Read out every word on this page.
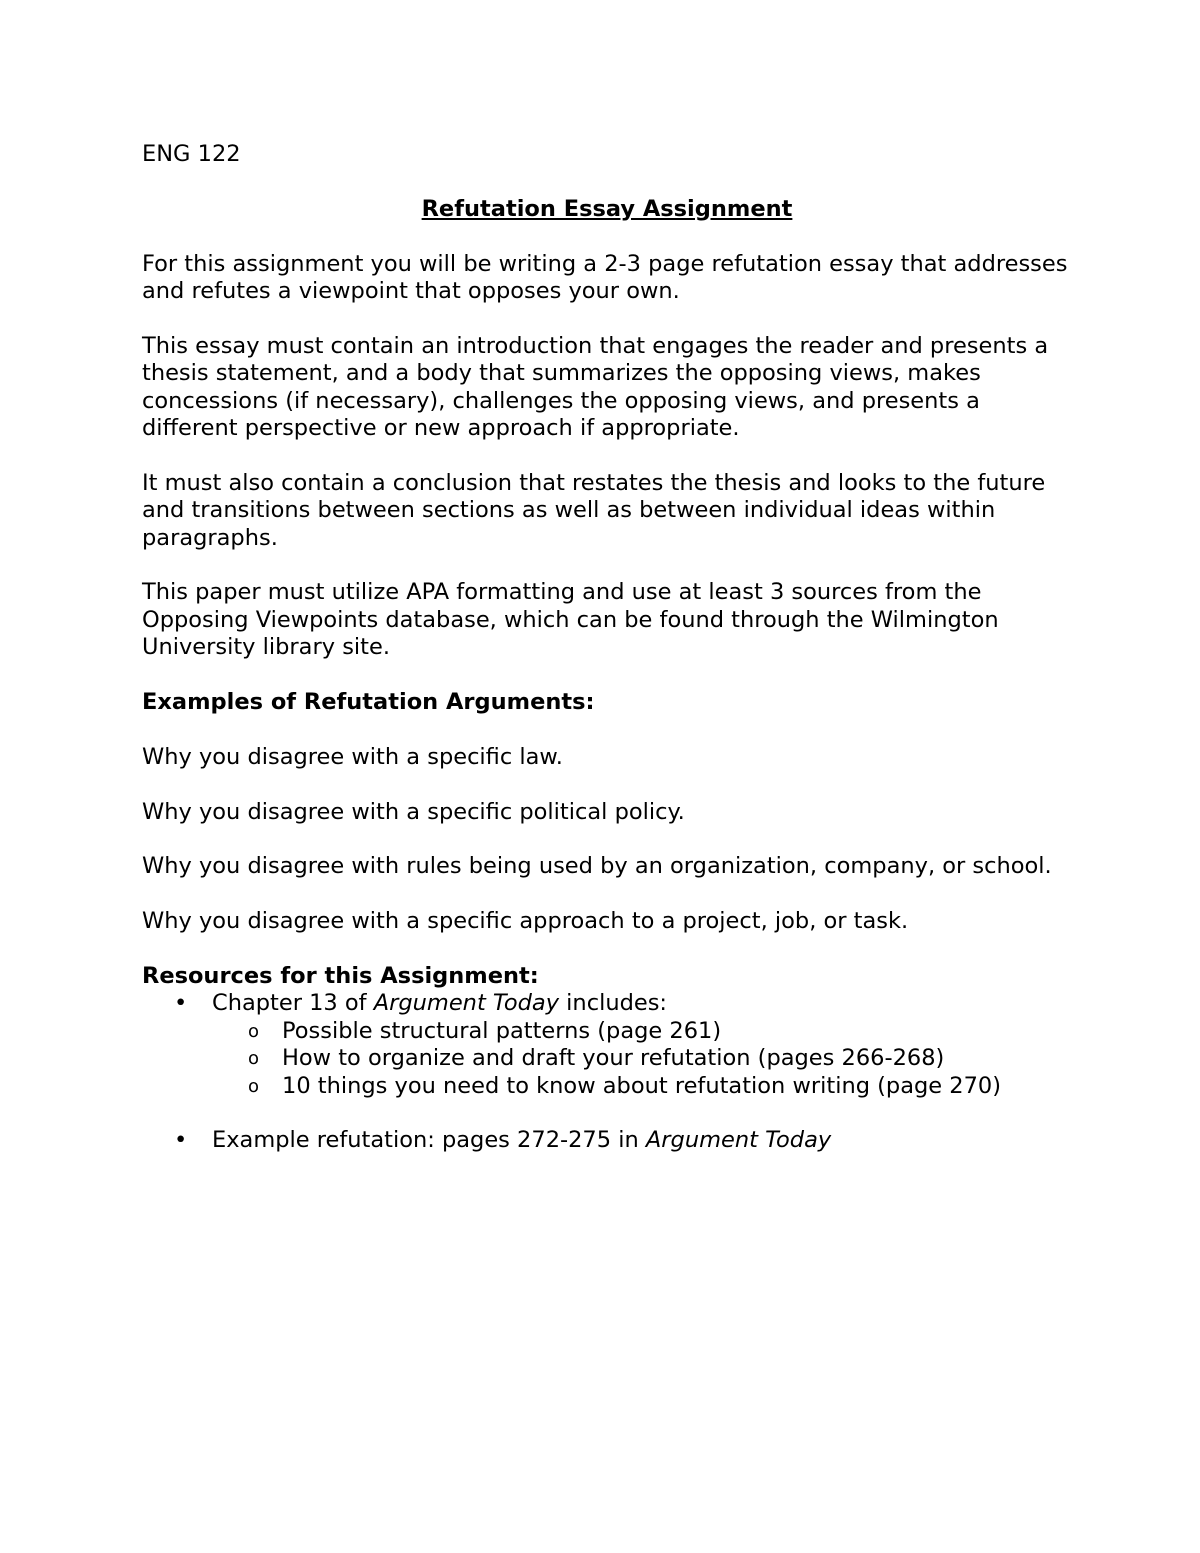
ENG 122
Refutation Essay Assignment

For this assignment you will be writing a 2-3 page refutation essay that addresses and refutes a viewpoint that opposes your own.

This essay must contain an introduction that engages the reader and presents a thesis statement, and a body that summarizes the opposing views, makes concessions (if necessary), challenges the opposing views, and presents a different perspective or new approach if appropriate.

It must also contain a conclusion that restates the thesis and looks to the future and transitions between sections as well as between individual ideas within paragraphs.

This paper must utilize APA formatting and use at least 3 sources from the Opposing Viewpoints database, which can be found through the Wilmington University library site.

Examples of Refutation Arguments:

Why you disagree with a specific law.

Why you disagree with a specific political policy.

Why you disagree with rules being used by an organization, company, or school.

Why you disagree with a specific approach to a project, job, or task.

Resources for this Assignment:
• Chapter 13 of Argument Today includes:
o Possible structural patterns (page 261)
o How to organize and draft your refutation (pages 266-268)
o 10 things you need to know about refutation writing (page 270)
• Example refutation: pages 272-275 in Argument Today
